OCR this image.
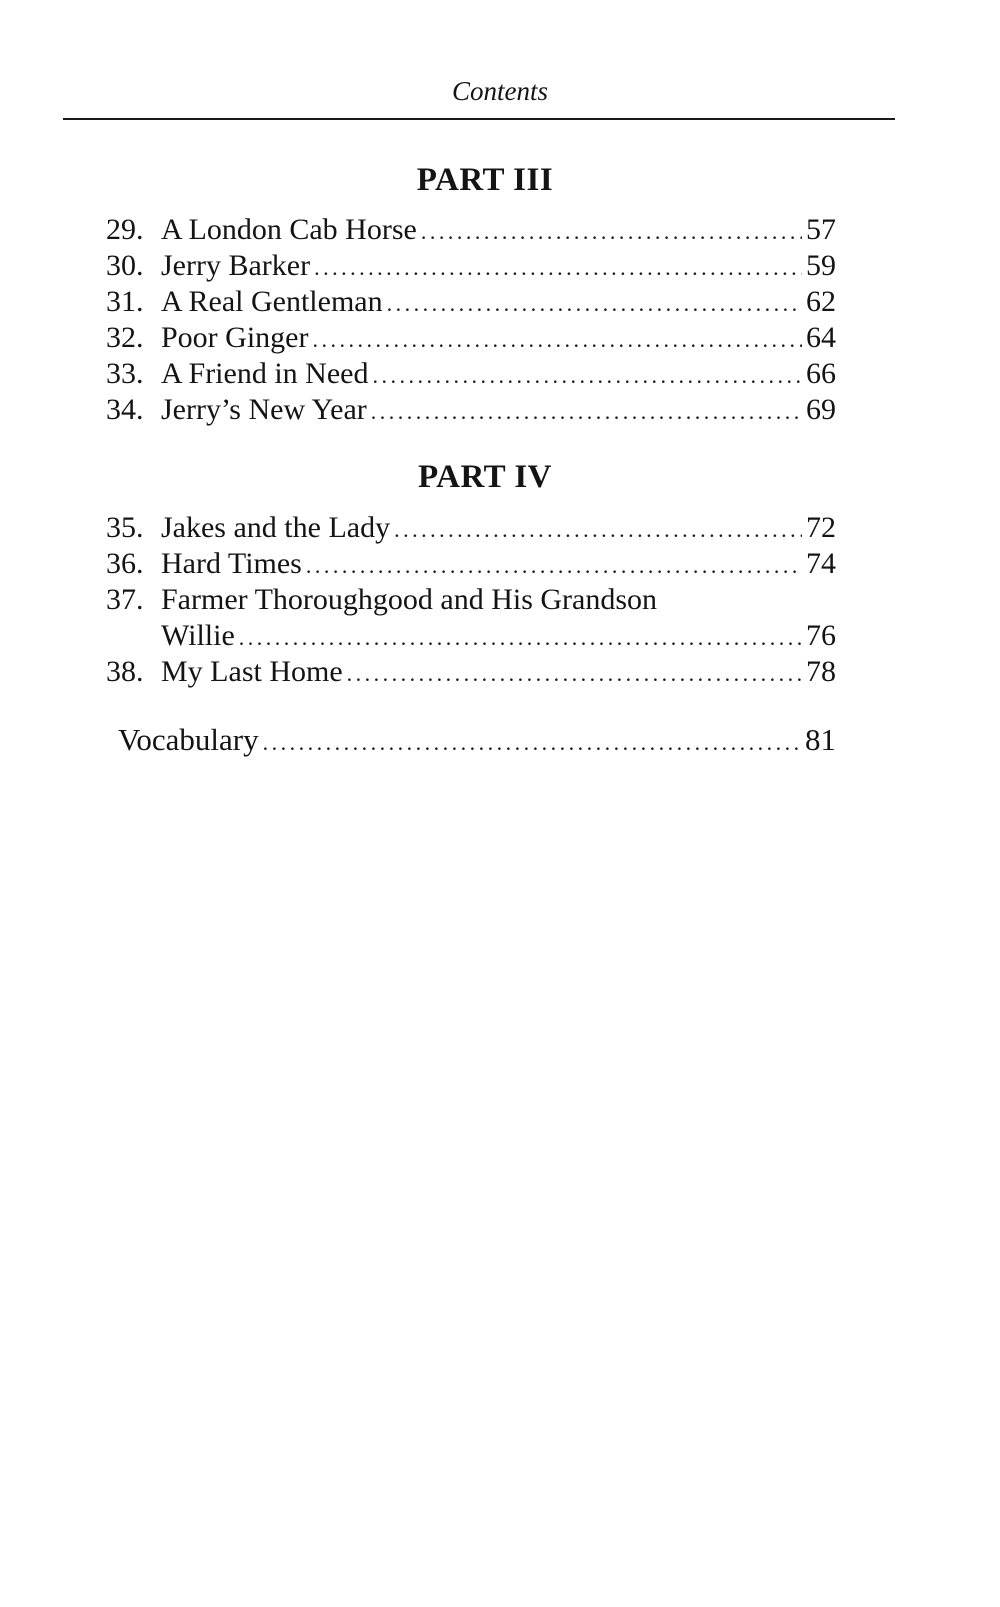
Contents
PART III
29. A London Cab Horse . . .	57
30. Jerry Barker . . .	59
31. A Real Gentleman . . .	62
32. Poor Ginger . . .	64
33. A Friend in Need . . .	66
34. Jerry’s New Year . . .	69
PART IV
35. Jakes and the Lady . . .	72
36. Hard Times . . .	74
37. Farmer Thoroughgood and His Grandson
Willie . . .	76
38. My Last Home . . .	78
Vocabulary . . .	81
